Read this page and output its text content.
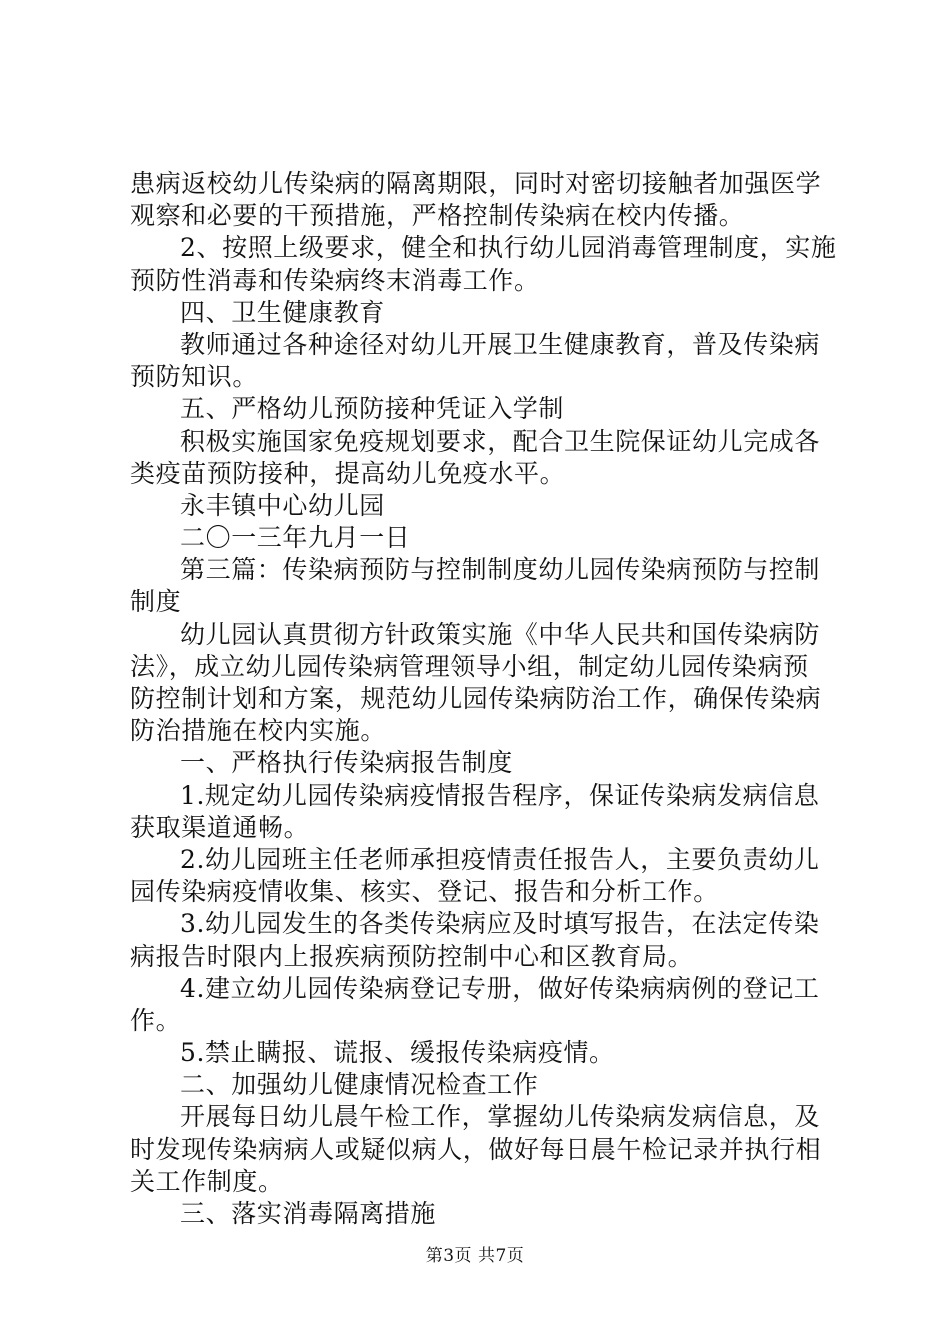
患病返校幼儿传染病的隔离期限，同时对密切接触者加强医学
观察和必要的干预措施，严格控制传染病在校内传播。
2、按照上级要求，健全和执行幼儿园消毒管理制度，实施
预防性消毒和传染病终末消毒工作。
四、卫生健康教育
教师通过各种途径对幼儿开展卫生健康教育，普及传染病
预防知识。
五、严格幼儿预防接种凭证入学制
积极实施国家免疫规划要求，配合卫生院保证幼儿完成各
类疫苗预防接种，提高幼儿免疫水平。
永丰镇中心幼儿园
二〇一三年九月一日
第三篇：传染病预防与控制制度幼儿园传染病预防与控制
制度
幼儿园认真贯彻方针政策实施《中华人民共和国传染病防
法》，成立幼儿园传染病管理领导小组，制定幼儿园传染病预
防控制计划和方案，规范幼儿园传染病防治工作，确保传染病
防治措施在校内实施。
一、严格执行传染病报告制度
1.规定幼儿园传染病疫情报告程序，保证传染病发病信息
获取渠道通畅。
2.幼儿园班主任老师承担疫情责任报告人，主要负责幼儿
园传染病疫情收集、核实、登记、报告和分析工作。
3.幼儿园发生的各类传染病应及时填写报告，在法定传染
病报告时限内上报疾病预防控制中心和区教育局。
4.建立幼儿园传染病登记专册，做好传染病病例的登记工
作。
5.禁止瞒报、谎报、缓报传染病疫情。
二、加强幼儿健康情况检查工作
开展每日幼儿晨午检工作，掌握幼儿传染病发病信息，及
时发现传染病病人或疑似病人，做好每日晨午检记录并执行相
关工作制度。
三、落实消毒隔离措施
第3页 共7页
